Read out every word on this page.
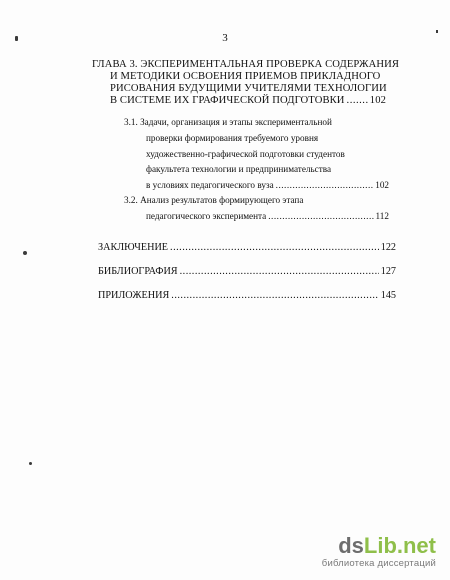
3
ГЛАВА 3. ЭКСПЕРИМЕНТАЛЬНАЯ ПРОВЕРКА СОДЕРЖАНИЯ
И МЕТОДИКИ ОСВОЕНИЯ ПРИЕМОВ ПРИКЛАДНОГО
РИСОВАНИЯ БУДУЩИМИ УЧИТЕЛЯМИ ТЕХНОЛОГИИ
В СИСТЕМЕ ИХ ГРАФИЧЕСКОЙ ПОДГОТОВКИ ..... 102
3.1. Задачи, организация и этапы экспериментальной
проверки формирования требуемого уровня
художественно-графической подготовки студентов
факультета технологии и предпринимательства
в условиях педагогического вуза .....	102
3.2. Анализ результатов формирующего этапа
педагогического эксперимента .....	112
ЗАКЛЮЧЕНИЕ .....	122
БИБЛИОГРАФИЯ .....	127
ПРИЛОЖЕНИЯ .....	145
dsLib.net
библиотека диссертаций
